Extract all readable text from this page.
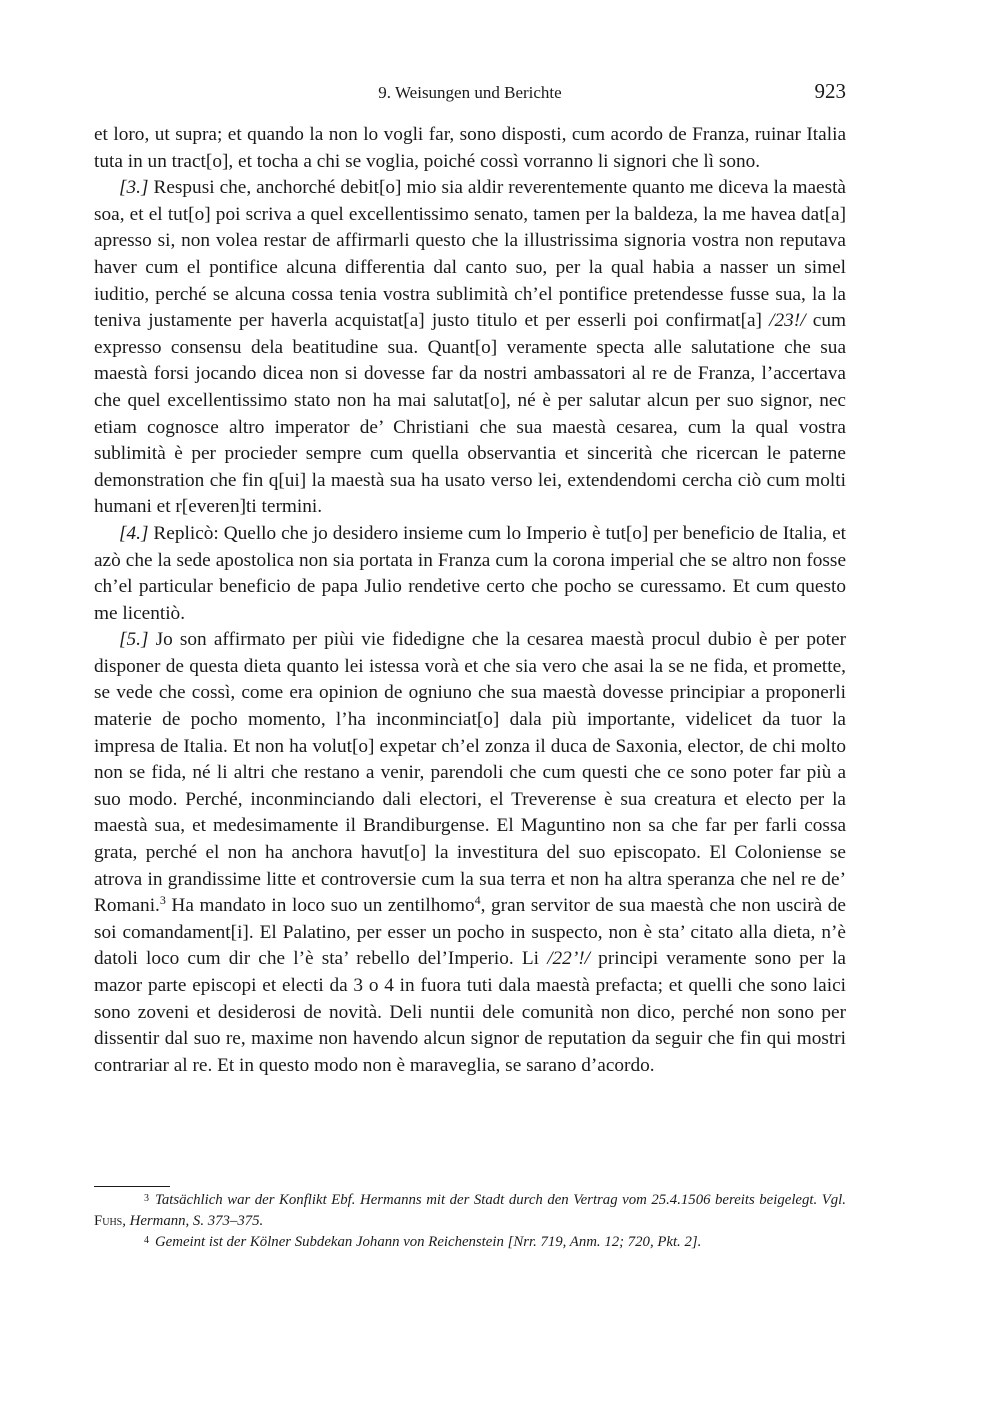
9. Weisungen und Berichte	923

et loro, ut supra; et quando la non lo vogli far, sono disposti, cum acordo de Franza, ruinar Italia tuta in un tract[o], et tocha a chi se voglia, poiché cossì vorranno li signori che lì sono.

[3.] Respusi che, anchorché debit[o] mio sia aldir reverentemente quanto me diceva la maestà soa, et el tut[o] poi scriva a quel excellentissimo senato, tamen per la baldeza, la me havea dat[a] apresso si, non volea restar de affirmarli questo che la illustrissima signoria vostra non reputava haver cum el pontifice alcuna differentia dal canto suo, per la qual habia a nasser un simel iuditio, perché se alcuna cossa tenia vostra sublimità ch’el pontifice pretendesse fusse sua, la la teniva justamente per haverla acquistat[a] justo titulo et per esserli poi confirmat[a] /23!/ cum expresso consensu dela beatitudine sua. Quant[o] veramente specta alle salutatione che sua maestà forsi jocando dicea non si dovesse far da nostri ambassatori al re de Franza, l’accertava che quel excellentissimo stato non ha mai salutat[o], né è per salutar alcun per suo signor, nec etiam cognosce altro imperator de’ Christiani che sua maestà cesarea, cum la qual vostra sublimità è per procieder sempre cum quella observantia et sincerità che ricercan le paterne demonstration che fin q[ui] la maestà sua ha usato verso lei, extendendomi cercha ciò cum molti humani et r[everen]ti termini.

[4.] Replicò: Quello che jo desidero insieme cum lo Imperio è tut[o] per beneficio de Italia, et azò che la sede apostolica non sia portata in Franza cum la corona imperial che se altro non fosse ch’el particular beneficio de papa Julio rendetive certo che pocho se curessamo. Et cum questo me licentiò.

[5.] Jo son affirmato per piùi vie fidedigne che la cesarea maestà procul dubio è per poter disponer de questa dieta quanto lei istessa vorà et che sia vero che asai la se ne fida, et promette, se vede che cossì, come era opinion de ogniuno che sua maestà dovesse principiar a proponerli materie de pocho momento, l’ha inconminciat[o] dala più importante, videlicet da tuor la impresa de Italia. Et non ha volut[o] expetar ch’el zonza il duca de Saxonia, elector, de chi molto non se fida, né li altri che restano a venir, parendoli che cum questi che ce sono poter far più a suo modo. Perché, inconminciando dali electori, el Treverense è sua creatura et electo per la maestà sua, et medesimamente il Brandiburgense. El Maguntino non sa che far per farli cossa grata, perché el non ha anchora havut[o] la investitura del suo episcopato. El Coloniense se atrova in grandissime litte et controversie cum la sua terra et non ha altra speranza che nel re de’ Romani.$^3$ Ha mandato in loco suo un zentilhomo$^4$, gran servitor de sua maestà che non uscirà de soi comandament[i]. El Palatino, per esser un pocho in suspecto, non è sta’ citato alla dieta, n’è datoli loco cum dir che l’è sta’ rebello del’Imperio. Li /22’!/ principi veramente sono per la mazor parte episcopi et electi da 3 o 4 in fuora tuti dala maestà prefacta; et quelli che sono laici sono zoveni et desiderosi de novità. Deli nuntii dele comunità non dico, perché non sono per dissentir dal suo re, maxime non havendo alcun signor de reputation da seguir che fin qui mostri contrariar al re. Et in questo modo non è maraveglia, se sarano d’acordo.

3 Tatsächlich war der Konflikt Ebf. Hermanns mit der Stadt durch den Vertrag vom 25.4.1506 bereits beigelegt. Vgl. Fuhs, Hermann, S. 373–375.

4 Gemeint ist der Kölner Subdekan Johann von Reichenstein [Nrr. 719, Anm. 12; 720, Pkt. 2].
